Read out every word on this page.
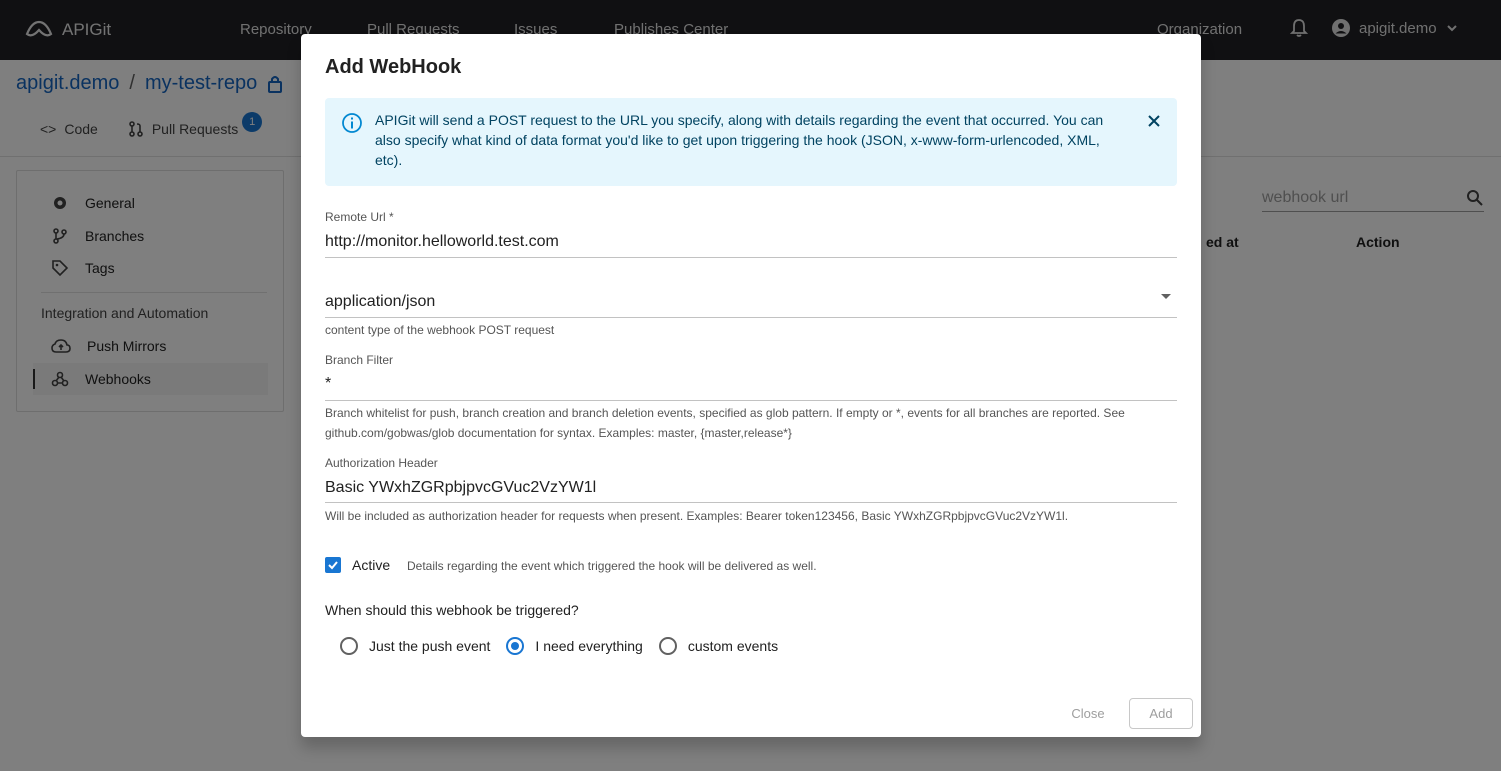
Add WebHook
APIGit will send a POST request to the URL you specify, along with details regarding the event that occurred. You can also specify what kind of data format you'd like to get upon triggering the hook (JSON, x-www-form-urlencoded, XML, etc).
Remote Url *
http://monitor.helloworld.test.com
application/json
content type of the webhook POST request
Branch Filter
*
Branch whitelist for push, branch creation and branch deletion events, specified as glob pattern. If empty or *, events for all branches are reported. See github.com/gobwas/glob documentation for syntax. Examples: master, {master,release*}
Authorization Header
Basic YWxhZGRpbjpvcGVuc2VzYW1l
Will be included as authorization header for requests when present. Examples: Bearer token123456, Basic YWxhZGRpbjpvcGVuc2VzYW1l.
Active Details regarding the event which triggered the hook will be delivered as well.
When should this webhook be triggered?
Just the push event	I need everything	custom events
Close	Add
